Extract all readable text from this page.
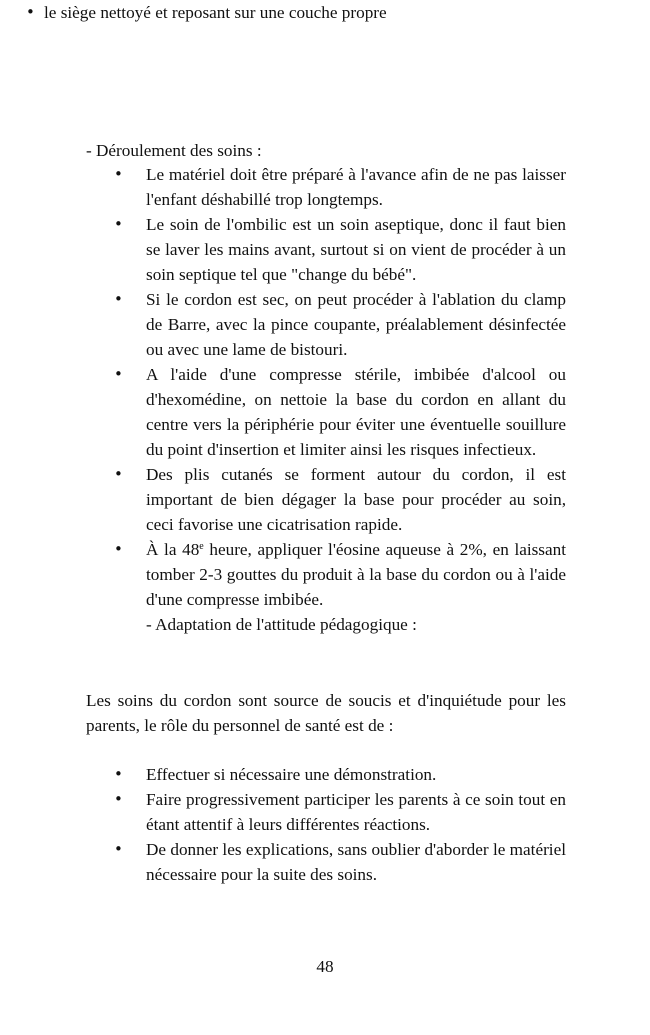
• le siège nettoyé et reposant sur une couche propre

- Déroulement des soins :

• Le matériel doit être préparé à l'avance afin de ne pas laisser l'enfant déshabillé trop longtemps.
• Le soin de l'ombilic est un soin aseptique, donc il faut bien se laver les mains avant, surtout si on vient de procéder à un soin septique tel que "change du bébé".
• Si le cordon est sec, on peut procéder à l'ablation du clamp de Barre, avec la pince coupante, préalablement désinfectée ou avec une lame de bistouri.
• A l'aide d'une compresse stérile, imbibée d'alcool ou d'hexomédine, on nettoie la base du cordon en allant du centre vers la périphérie pour éviter une éventuelle souillure du point d'insertion et limiter ainsi les risques infectieux.
• Des plis cutanés se forment autour du cordon, il est important de bien dégager la base pour procéder au soin, ceci favorise une cicatrisation rapide.
• À la 48e heure, appliquer l'éosine aqueuse à 2%, en laissant tomber 2-3 gouttes du produit à la base du cordon ou à l'aide d'une compresse imbibée.
- Adaptation de l'attitude pédagogique :

Les soins du cordon sont source de soucis et d'inquiétude pour les parents, le rôle du personnel de santé est de :

• Effectuer si nécessaire une démonstration.
• Faire progressivement participer les parents à ce soin tout en étant attentif à leurs différentes réactions.
• De donner les explications, sans oublier d'aborder le matériel nécessaire pour la suite des soins.
48
